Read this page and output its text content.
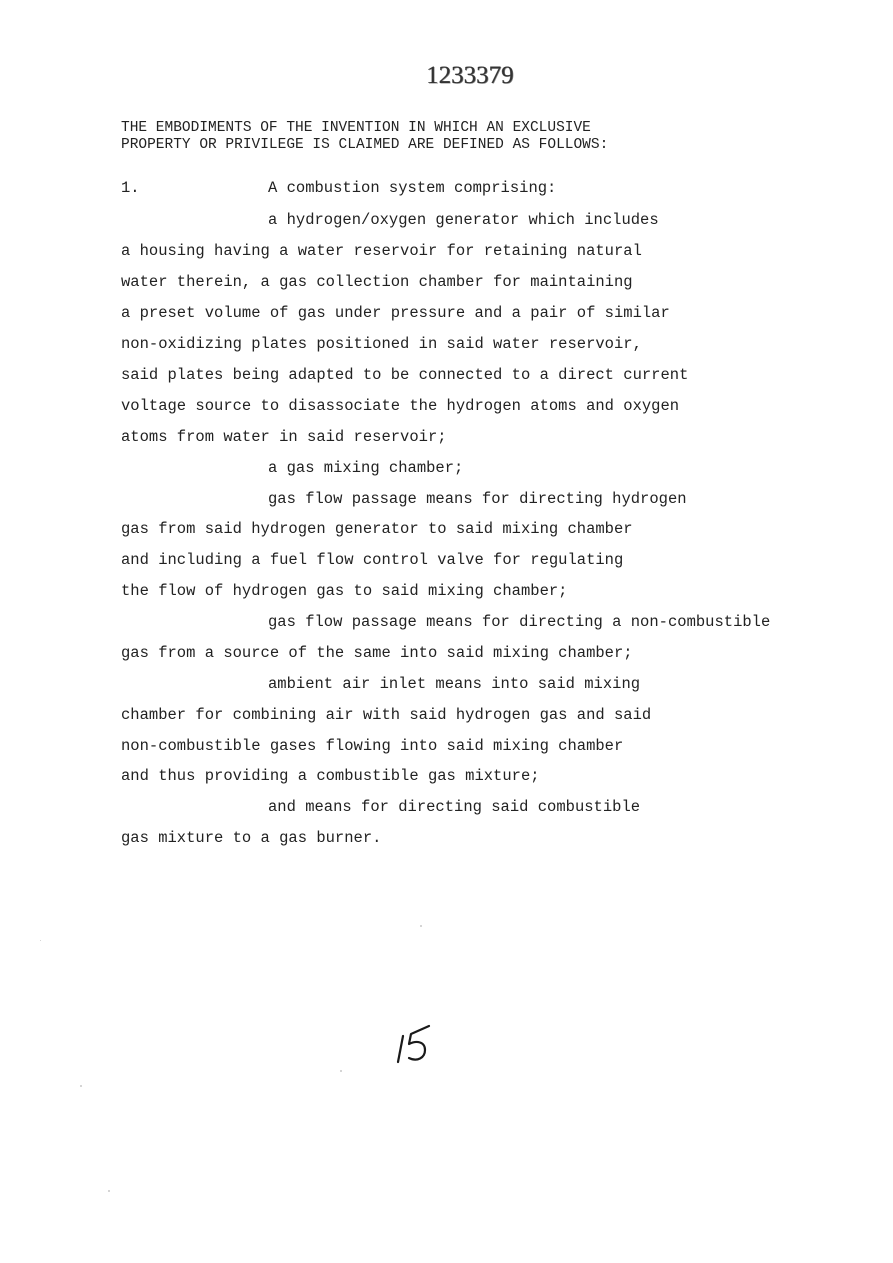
1233379
THE EMBODIMENTS OF THE INVENTION IN WHICH AN EXCLUSIVE
PROPERTY OR PRIVILEGE IS CLAIMED ARE DEFINED AS FOLLOWS:
1.	A combustion system comprising:
a hydrogen/oxygen generator which includes
a housing having a water reservoir for retaining natural
water therein, a gas collection chamber for maintaining
a preset volume of gas under pressure and a pair of similar
non-oxidizing plates positioned in said water reservoir,
said plates being adapted to be connected to a direct current
voltage source to disassociate the hydrogen atoms and oxygen
atoms from water in said reservoir;
a gas mixing chamber;
gas flow passage means for directing hydrogen
gas from said hydrogen generator to said mixing chamber
and including a fuel flow control valve for regulating
the flow of hydrogen gas to said mixing chamber;
gas flow passage means for directing a non-combustible
gas from a source of the same into said mixing chamber;
ambient air inlet means into said mixing
chamber for combining air with said hydrogen gas and said
non-combustible gases flowing into said mixing chamber
and thus providing a combustible gas mixture;
and means for directing said combustible
gas mixture to a gas burner.
